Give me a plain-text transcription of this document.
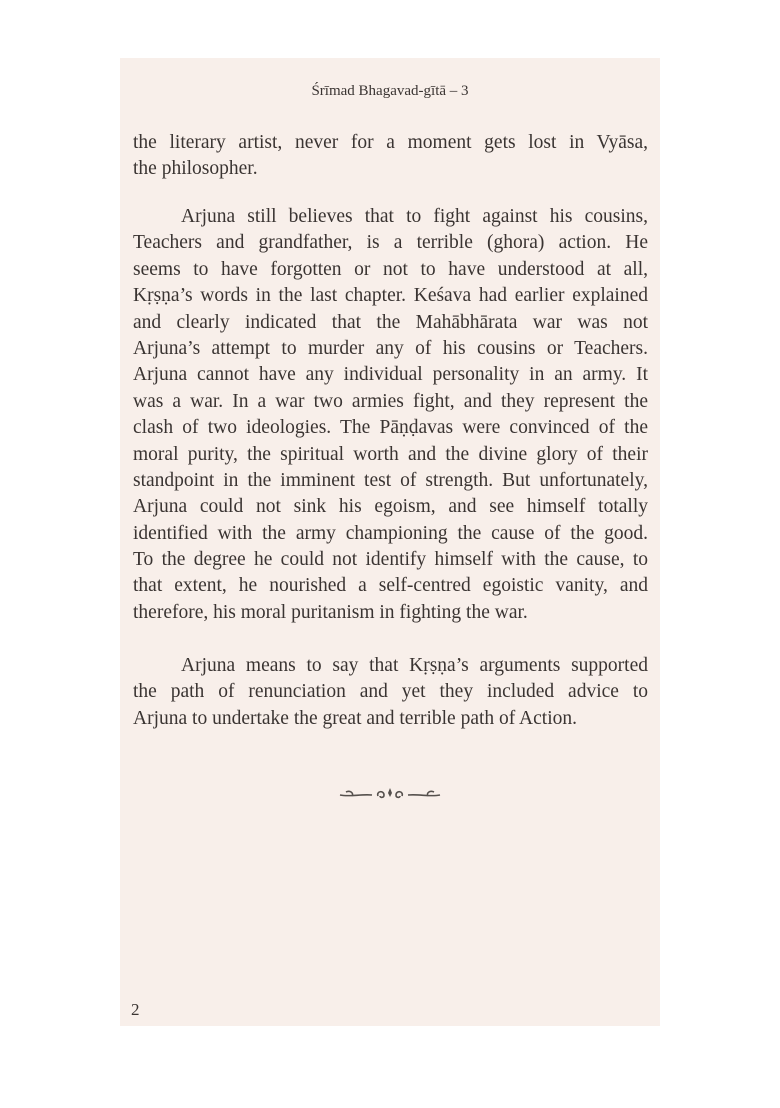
Śrīmad Bhagavad-gītā – 3
the literary artist, never for a moment gets lost in Vyāsa,
the philosopher.
Arjuna still believes that to fight against his cousins,
Teachers and grandfather, is a terrible (ghora) action. He
seems to have forgotten or not to have understood at all,
Kṛṣṇa’s words in the last chapter. Keśava had earlier explained
and clearly indicated that the Mahābhārata war was not
Arjuna’s attempt to murder any of his cousins or Teachers.
Arjuna cannot have any individual personality in an army. It
was a war. In a war two armies fight, and they represent the
clash of two ideologies. The Pāṇḍavas were convinced of the
moral purity, the spiritual worth and the divine glory of their
standpoint in the imminent test of strength. But unfortunately,
Arjuna could not sink his egoism, and see himself totally
identified with the army championing the cause of the good.
To the degree he could not identify himself with the cause, to
that extent, he nourished a self-centred egoistic vanity, and
therefore, his moral puritanism in fighting the war.
Arjuna means to say that Kṛṣṇa’s arguments supported
the path of renunciation and yet they included advice to
Arjuna to undertake the great and terrible path of Action.
2
